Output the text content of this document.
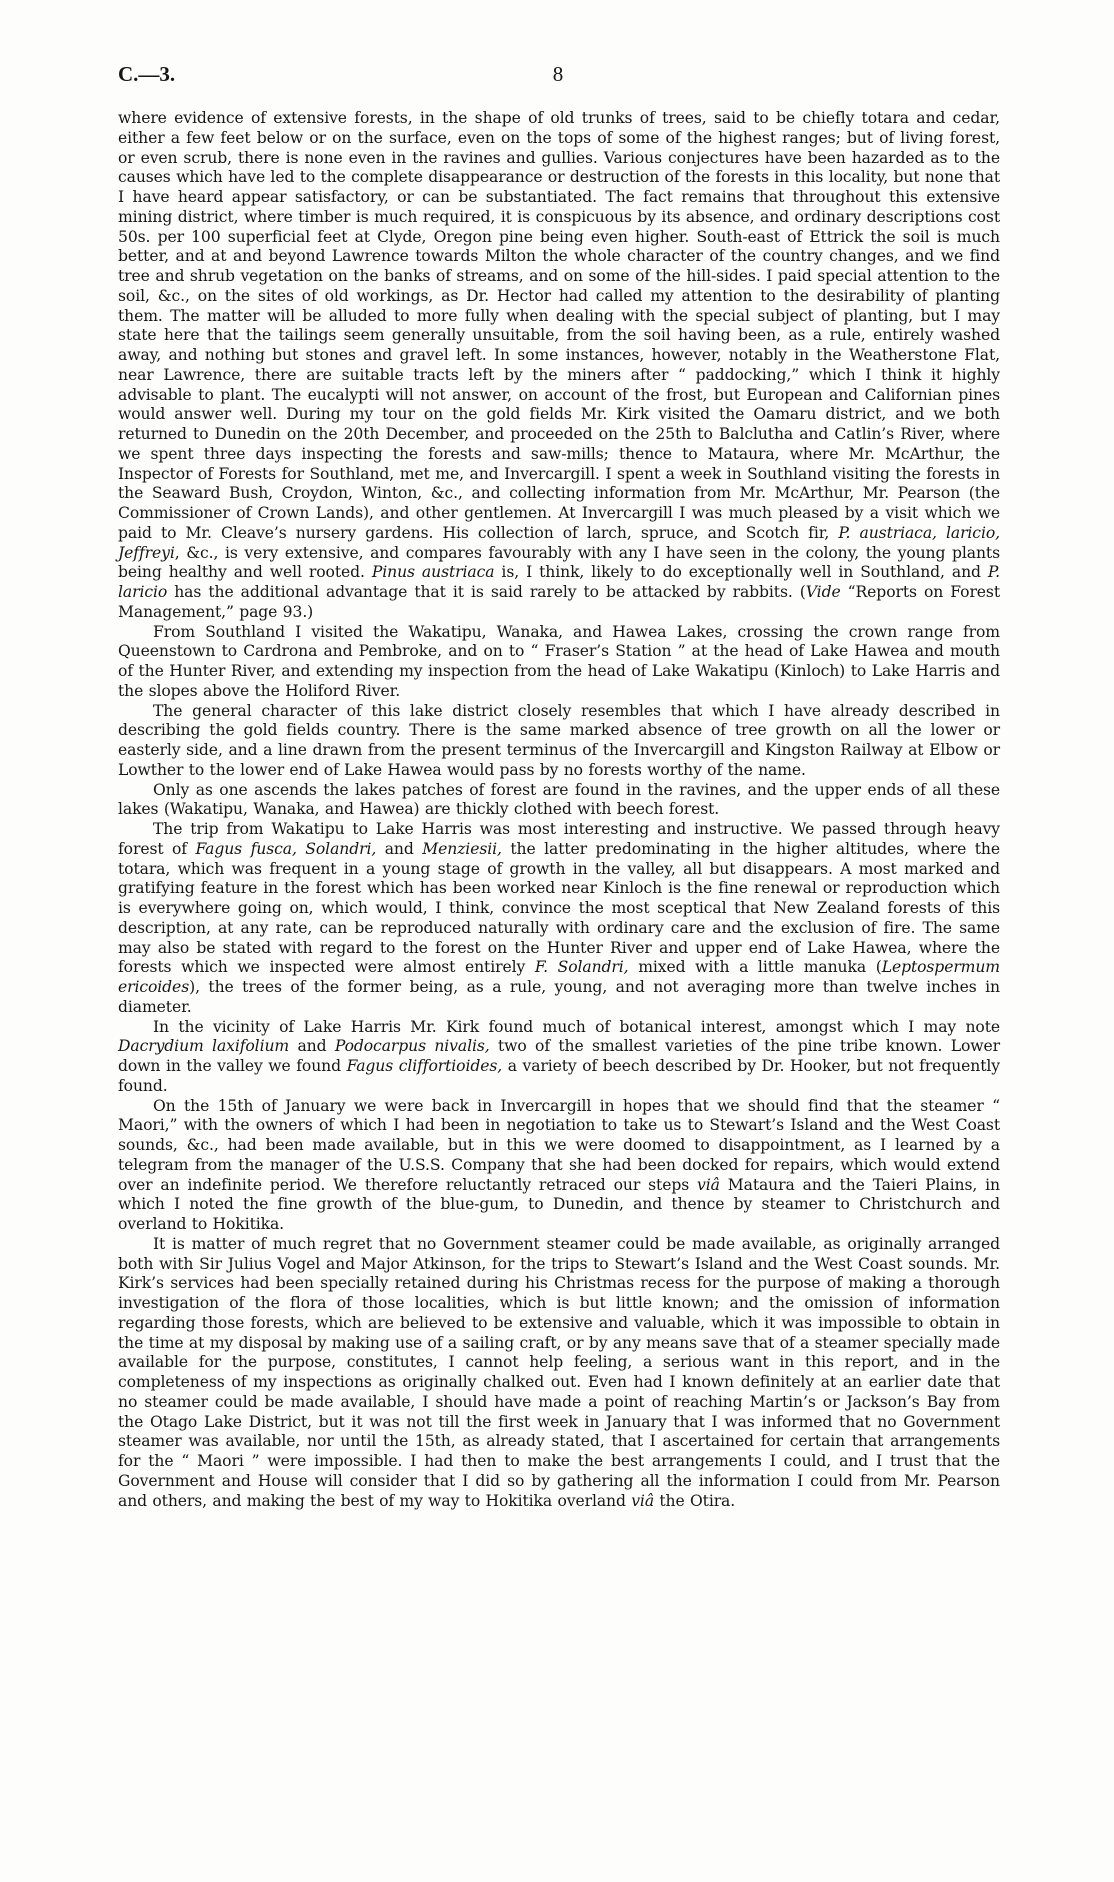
C.—3.	8

where evidence of extensive forests, in the shape of old trunks of trees, said to be chiefly totara and cedar, either a few feet below or on the surface, even on the tops of some of the highest ranges; but of living forest, or even scrub, there is none even in the ravines and gullies. Various conjectures have been hazarded as to the causes which have led to the complete disappearance or destruction of the forests in this locality, but none that I have heard appear satisfactory, or can be substantiated. The fact remains that throughout this extensive mining district, where timber is much required, it is conspicuous by its absence, and ordinary descriptions cost 50s. per 100 superficial feet at Clyde, Oregon pine being even higher. South-east of Ettrick the soil is much better, and at and beyond Lawrence towards Milton the whole character of the country changes, and we find tree and shrub vegetation on the banks of streams, and on some of the hill-sides. I paid special attention to the soil, &c., on the sites of old workings, as Dr. Hector had called my attention to the desirability of planting them. The matter will be alluded to more fully when dealing with the special subject of planting, but I may state here that the tailings seem generally unsuitable, from the soil having been, as a rule, entirely washed away, and nothing but stones and gravel left. In some instances, however, notably in the Weatherstone Flat, near Lawrence, there are suitable tracts left by the miners after “ paddocking,” which I think it highly advisable to plant. The eucalypti will not answer, on account of the frost, but European and Californian pines would answer well. During my tour on the gold fields Mr. Kirk visited the Oamaru district, and we both returned to Dunedin on the 20th December, and proceeded on the 25th to Balclutha and Catlin’s River, where we spent three days inspecting the forests and saw-mills; thence to Mataura, where Mr. McArthur, the Inspector of Forests for Southland, met me, and Invercargill. I spent a week in Southland visiting the forests in the Seaward Bush, Croydon, Winton, &c., and collecting information from Mr. McArthur, Mr. Pearson (the Commissioner of Crown Lands), and other gentlemen. At Invercargill I was much pleased by a visit which we paid to Mr. Cleave’s nursery gardens. His collection of larch, spruce, and Scotch fir, P. austriaca, laricio, Jeffreyi, &c., is very extensive, and compares favourably with any I have seen in the colony, the young plants being healthy and well rooted. Pinus austriaca is, I think, likely to do exceptionally well in Southland, and P. laricio has the additional advantage that it is said rarely to be attacked by rabbits. (Vide “Reports on Forest Management,” page 93.)

From Southland I visited the Wakatipu, Wanaka, and Hawea Lakes, crossing the crown range from Queenstown to Cardrona and Pembroke, and on to “ Fraser’s Station ” at the head of Lake Hawea and mouth of the Hunter River, and extending my inspection from the head of Lake Wakatipu (Kinloch) to Lake Harris and the slopes above the Holiford River.

The general character of this lake district closely resembles that which I have already described in describing the gold fields country. There is the same marked absence of tree growth on all the lower or easterly side, and a line drawn from the present terminus of the Invercargill and Kingston Railway at Elbow or Lowther to the lower end of Lake Hawea would pass by no forests worthy of the name.

Only as one ascends the lakes patches of forest are found in the ravines, and the upper ends of all these lakes (Wakatipu, Wanaka, and Hawea) are thickly clothed with beech forest.

The trip from Wakatipu to Lake Harris was most interesting and instructive. We passed through heavy forest of Fagus fusca, Solandri, and Menziesii, the latter predominating in the higher altitudes, where the totara, which was frequent in a young stage of growth in the valley, all but disappears. A most marked and gratifying feature in the forest which has been worked near Kinloch is the fine renewal or reproduction which is everywhere going on, which would, I think, convince the most sceptical that New Zealand forests of this description, at any rate, can be reproduced naturally with ordinary care and the exclusion of fire. The same may also be stated with regard to the forest on the Hunter River and upper end of Lake Hawea, where the forests which we inspected were almost entirely F. Solandri, mixed with a little manuka (Leptospermum ericoides), the trees of the former being, as a rule, young, and not averaging more than twelve inches in diameter.

In the vicinity of Lake Harris Mr. Kirk found much of botanical interest, amongst which I may note Dacrydium laxifolium and Podocarpus nivalis, two of the smallest varieties of the pine tribe known. Lower down in the valley we found Fagus cliffortioides, a variety of beech described by Dr. Hooker, but not frequently found.

On the 15th of January we were back in Invercargill in hopes that we should find that the steamer “ Maori,” with the owners of which I had been in negotiation to take us to Stewart’s Island and the West Coast sounds, &c., had been made available, but in this we were doomed to disappointment, as I learned by a telegram from the manager of the U.S.S. Company that she had been docked for repairs, which would extend over an indefinite period. We therefore reluctantly retraced our steps viâ Mataura and the Taieri Plains, in which I noted the fine growth of the blue-gum, to Dunedin, and thence by steamer to Christchurch and overland to Hokitika.

It is matter of much regret that no Government steamer could be made available, as originally arranged both with Sir Julius Vogel and Major Atkinson, for the trips to Stewart’s Island and the West Coast sounds. Mr. Kirk’s services had been specially retained during his Christmas recess for the purpose of making a thorough investigation of the flora of those localities, which is but little known; and the omission of information regarding those forests, which are believed to be extensive and valuable, which it was impossible to obtain in the time at my disposal by making use of a sailing craft, or by any means save that of a steamer specially made available for the purpose, constitutes, I cannot help feeling, a serious want in this report, and in the completeness of my inspections as originally chalked out. Even had I known definitely at an earlier date that no steamer could be made available, I should have made a point of reaching Martin’s or Jackson’s Bay from the Otago Lake District, but it was not till the first week in January that I was informed that no Government steamer was available, nor until the 15th, as already stated, that I ascertained for certain that arrangements for the “ Maori ” were impossible. I had then to make the best arrangements I could, and I trust that the Government and House will consider that I did so by gathering all the information I could from Mr. Pearson and others, and making the best of my way to Hokitika overland viâ the Otira.
